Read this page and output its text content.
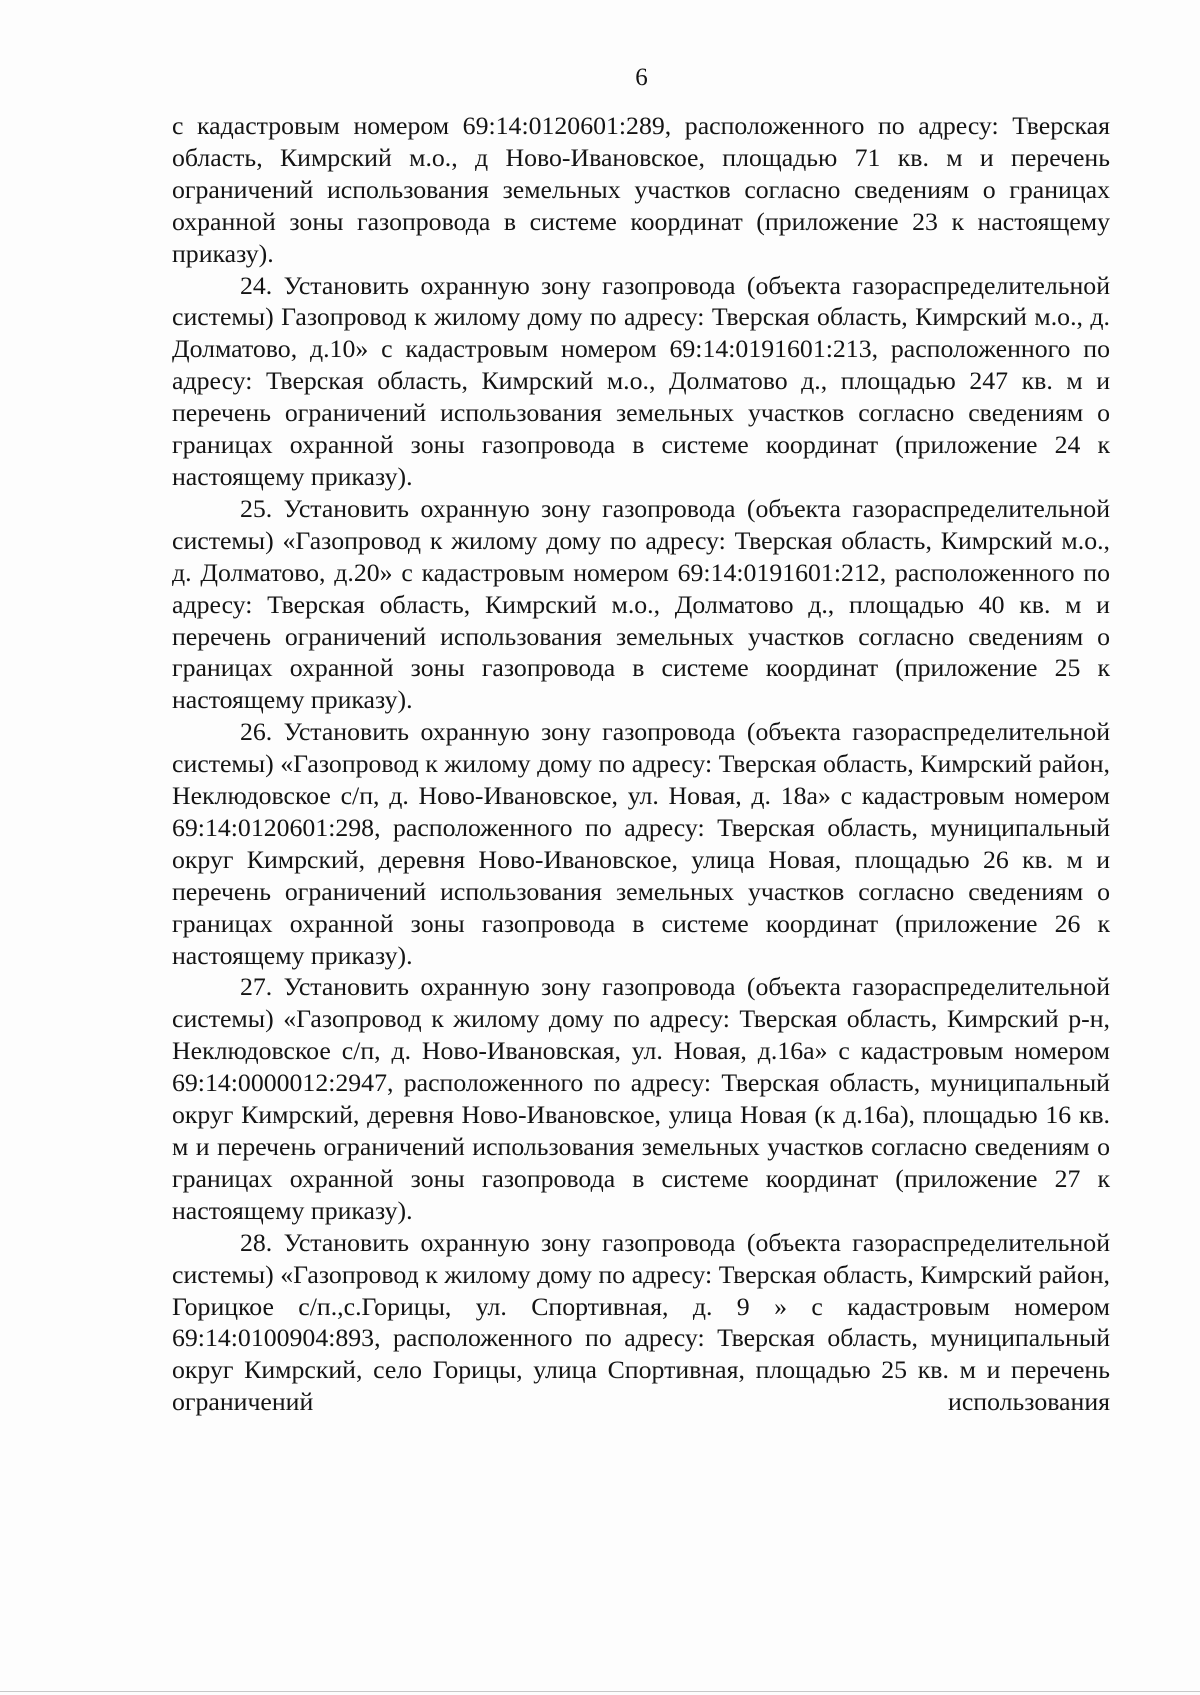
6

с кадастровым номером 69:14:0120601:289, расположенного по адресу: Тверская область, Кимрский м.о., д Ново-Ивановское, площадью 71 кв. м и перечень ограничений использования земельных участков согласно сведениям о границах охранной зоны газопровода в системе координат (приложение 23 к настоящему приказу).

24. Установить охранную зону газопровода (объекта газораспределительной системы) Газопровод к жилому дому по адресу: Тверская область, Кимрский м.о., д. Долматово, д.10» с кадастровым номером 69:14:0191601:213, расположенного по адресу: Тверская область, Кимрский м.о., Долматово д., площадью 247 кв. м и перечень ограничений использования земельных участков согласно сведениям о границах охранной зоны газопровода в системе координат (приложение 24 к настоящему приказу).

25. Установить охранную зону газопровода (объекта газораспределительной системы) «Газопровод к жилому дому по адресу: Тверская область, Кимрский м.о., д. Долматово, д.20» с кадастровым номером 69:14:0191601:212, расположенного по адресу: Тверская область, Кимрский м.о., Долматово д., площадью 40 кв. м и перечень ограничений использования земельных участков согласно сведениям о границах охранной зоны газопровода в системе координат (приложение 25 к настоящему приказу).

26. Установить охранную зону газопровода (объекта газораспределительной системы) «Газопровод к жилому дому по адресу: Тверская область, Кимрский район, Неклюдовское с/п, д. Ново-Ивановское, ул. Новая, д. 18а» с кадастровым номером 69:14:0120601:298, расположенного по адресу: Тверская область, муниципальный округ Кимрский, деревня Ново-Ивановское, улица Новая, площадью 26 кв. м и перечень ограничений использования земельных участков согласно сведениям о границах охранной зоны газопровода в системе координат (приложение 26 к настоящему приказу).

27. Установить охранную зону газопровода (объекта газораспределительной системы) «Газопровод к жилому дому по адресу: Тверская область, Кимрский р-н, Неклюдовское с/п, д. Ново-Ивановская, ул. Новая, д.16а» с кадастровым номером 69:14:0000012:2947, расположенного по адресу: Тверская область, муниципальный округ Кимрский, деревня Ново-Ивановское, улица Новая (к д.16а), площадью 16 кв. м и перечень ограничений использования земельных участков согласно сведениям о границах охранной зоны газопровода в системе координат (приложение 27 к настоящему приказу).

28. Установить охранную зону газопровода (объекта газораспределительной системы) «Газопровод к жилому дому по адресу: Тверская область, Кимрский район, Горицкое с/п.,с.Горицы, ул. Спортивная, д. 9 » с кадастровым номером 69:14:0100904:893, расположенного по адресу: Тверская область, муниципальный округ Кимрский, село Горицы, улица Спортивная, площадью 25 кв. м и перечень ограничений использования
